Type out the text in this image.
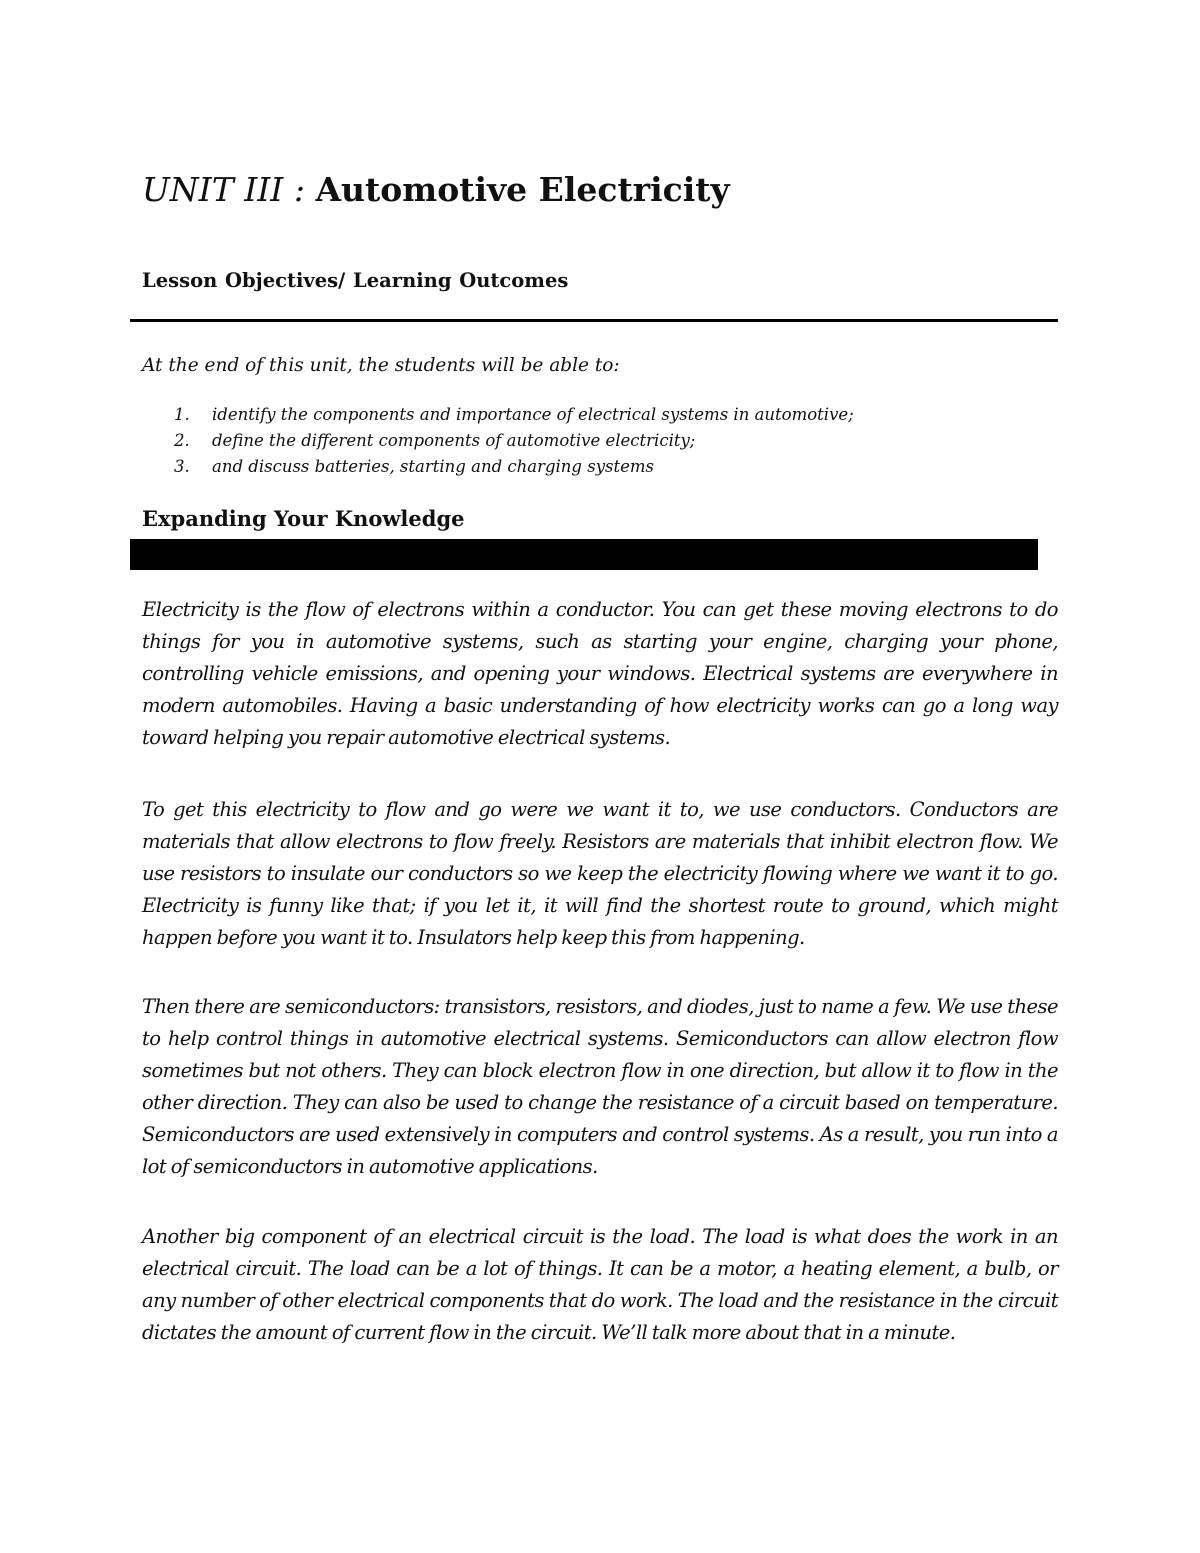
UNIT III : Automotive Electricity
Lesson Objectives/ Learning Outcomes

At the end of this unit, the students will be able to:

1. identify the components and importance of electrical systems in automotive;
2. define the different components of automotive electricity;
3. and discuss batteries, starting and charging systems
Expanding Your Knowledge

Electricity is the flow of electrons within a conductor. You can get these moving electrons to do things for you in automotive systems, such as starting your engine, charging your phone, controlling vehicle emissions, and opening your windows. Electrical systems are everywhere in modern automobiles. Having a basic understanding of how electricity works can go a long way toward helping you repair automotive electrical systems.

To get this electricity to flow and go were we want it to, we use conductors. Conductors are materials that allow electrons to flow freely. Resistors are materials that inhibit electron flow. We use resistors to insulate our conductors so we keep the electricity flowing where we want it to go. Electricity is funny like that; if you let it, it will find the shortest route to ground, which might happen before you want it to. Insulators help keep this from happening.

Then there are semiconductors: transistors, resistors, and diodes, just to name a few. We use these to help control things in automotive electrical systems. Semiconductors can allow electron flow sometimes but not others. They can block electron flow in one direction, but allow it to flow in the other direction. They can also be used to change the resistance of a circuit based on temperature. Semiconductors are used extensively in computers and control systems. As a result, you run into a lot of semiconductors in automotive applications.

Another big component of an electrical circuit is the load. The load is what does the work in an electrical circuit. The load can be a lot of things. It can be a motor, a heating element, a bulb, or any number of other electrical components that do work. The load and the resistance in the circuit dictates the amount of current flow in the circuit. We’ll talk more about that in a minute.
